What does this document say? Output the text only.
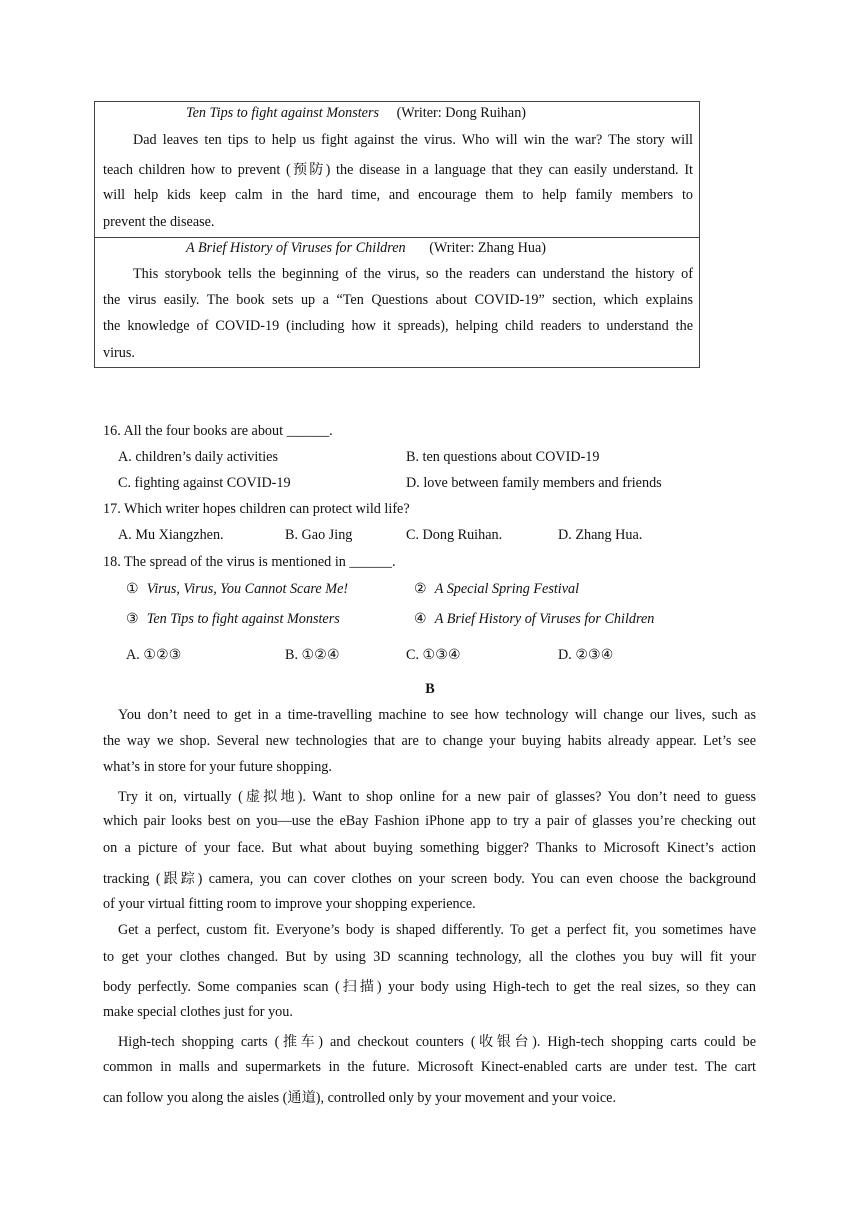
Ten Tips to fight against Monsters (Writer: Dong Ruihan)
Dad leaves ten tips to help us fight against the virus. Who will win the war? The story will
teach children how to prevent (预防) the disease in a language that they can easily understand. It
will help kids keep calm in the hard time, and encourage them to help family members to
prevent the disease.
A Brief History of Viruses for Children (Writer: Zhang Hua)
This storybook tells the beginning of the virus, so the readers can understand the history of
the virus easily. The book sets up a “Ten Questions about COVID-19” section, which explains
the knowledge of COVID-19 (including how it spreads), helping child readers to understand the
virus.
16. All the four books are about ______.
A. children’s daily activities	B. ten questions about COVID-19
C. fighting against COVID-19	D. love between family members and friends
17. Which writer hopes children can protect wild life?
A. Mu Xiangzhen.	B. Gao Jing	C. Dong Ruihan.	D. Zhang Hua.
18. The spread of the virus is mentioned in ______.
① Virus, Virus, You Cannot Scare Me!	② A Special Spring Festival
③ Ten Tips to fight against Monsters	④ A Brief History of Viruses for Children
A. ①②③	B. ①②④	C. ①③④	D. ②③④
B
You don’t need to get in a time-travelling machine to see how technology will change our lives, such as
the way we shop. Several new technologies that are to change your buying habits already appear. Let’s see
what’s in store for your future shopping.
Try it on, virtually (虚拟地). Want to shop online for a new pair of glasses? You don’t need to guess
which pair looks best on you—use the eBay Fashion iPhone app to try a pair of glasses you’re checking out
on a picture of your face. But what about buying something bigger? Thanks to Microsoft Kinect’s action
tracking (跟踪) camera, you can cover clothes on your screen body. You can even choose the background
of your virtual fitting room to improve your shopping experience.
Get a perfect, custom fit. Everyone’s body is shaped differently. To get a perfect fit, you sometimes have
to get your clothes changed. But by using 3D scanning technology, all the clothes you buy will fit your
body perfectly. Some companies scan (扫描) your body using High-tech to get the real sizes, so they can
make special clothes just for you.
High-tech shopping carts (推车) and checkout counters (收银台). High-tech shopping carts could be
common in malls and supermarkets in the future. Microsoft Kinect-enabled carts are under test. The cart
can follow you along the aisles (通道), controlled only by your movement and your voice.
